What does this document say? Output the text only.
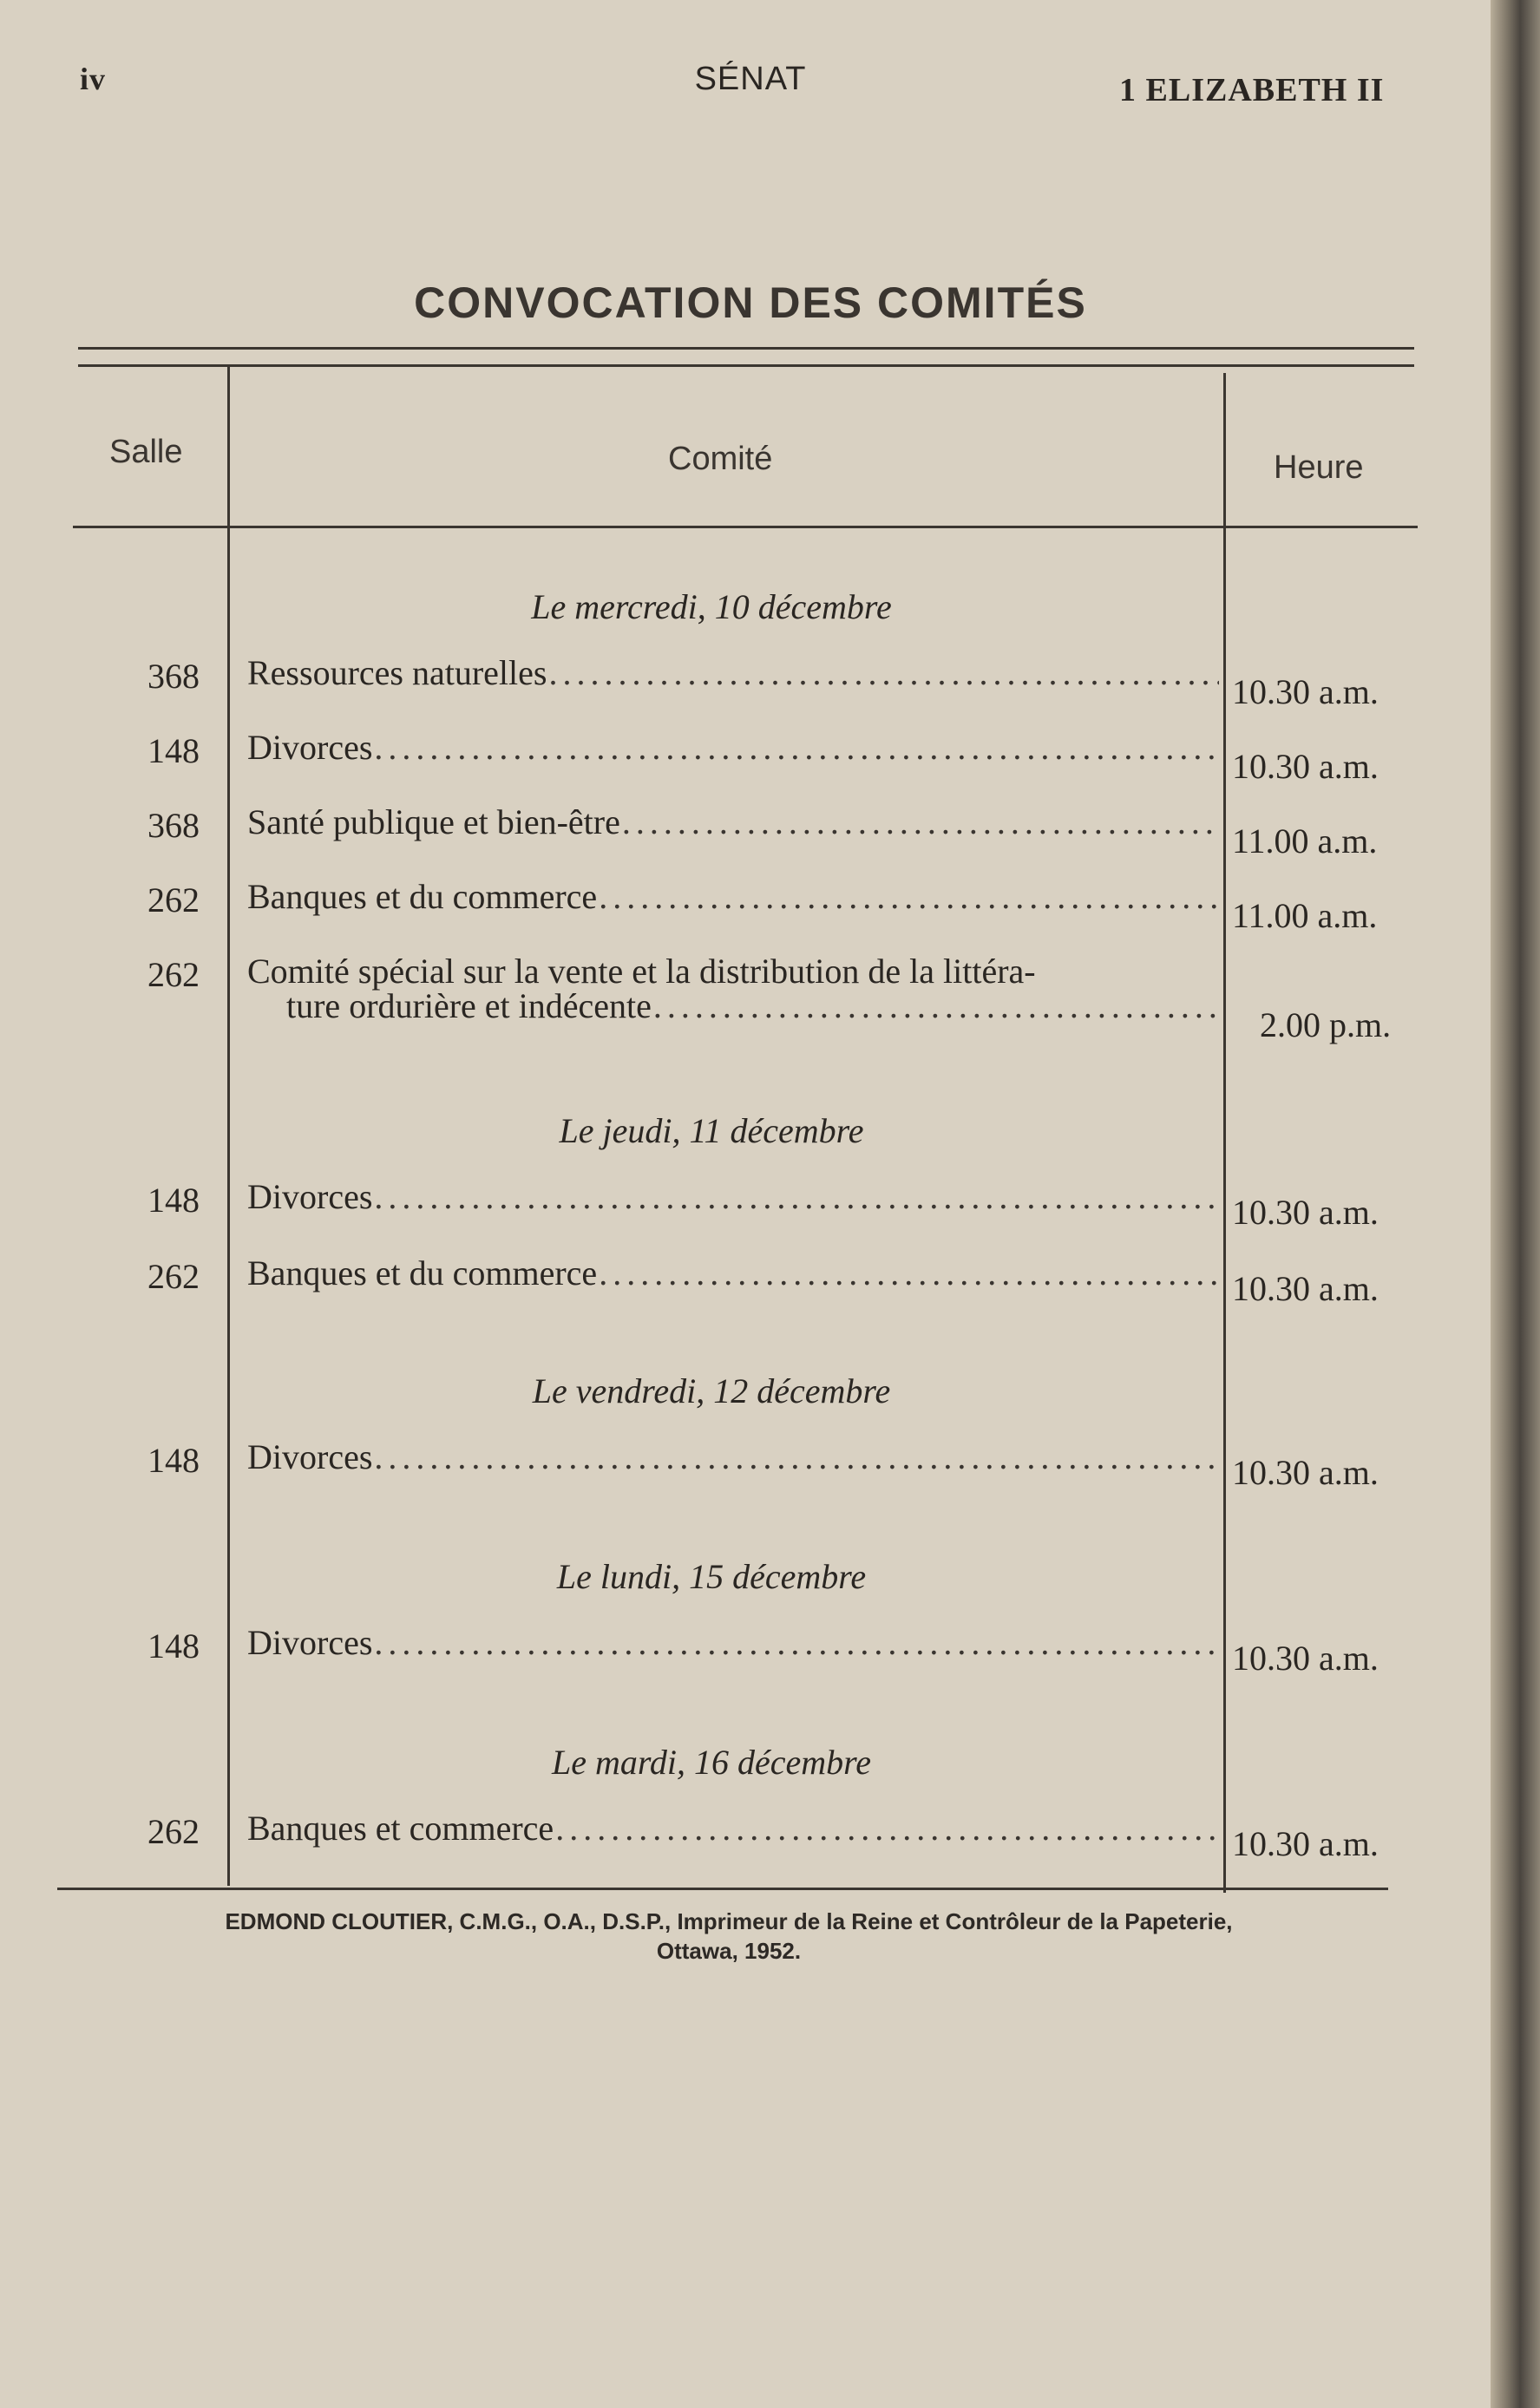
iv	SÉNAT	1 ELIZABETH II
CONVOCATION DES COMITÉS
Salle	Comité	Heure
Le mercredi, 10 décembre
368 Ressources naturelles .....	10.30 a.m.
148 Divorces .....	10.30 a.m.
368 Santé publique et bien-être .....	11.00 a.m.
262 Banques et du commerce .....	11.00 a.m.
262 Comité spécial sur la vente et la distribution de la littéra-
ture orduriѐre et indécente .....	2.00 p.m.
Le jeudi, 11 décembre
148 Divorces .....	10.30 a.m.
262 Banques et du commerce .....	10.30 a.m.
Le vendredi, 12 décembre
148 Divorces .....	10.30 a.m.
Le lundi, 15 décembre
148 Divorces .....	10.30 a.m.
Le mardi, 16 décembre
262 Banques et commerce .....	10.30 a.m.
EDMOND CLOUTIER, C.M.G., O.A., D.S.P., Imprimeur de la Reine et Contrôleur de la Papeterie,
Ottawa, 1952.
